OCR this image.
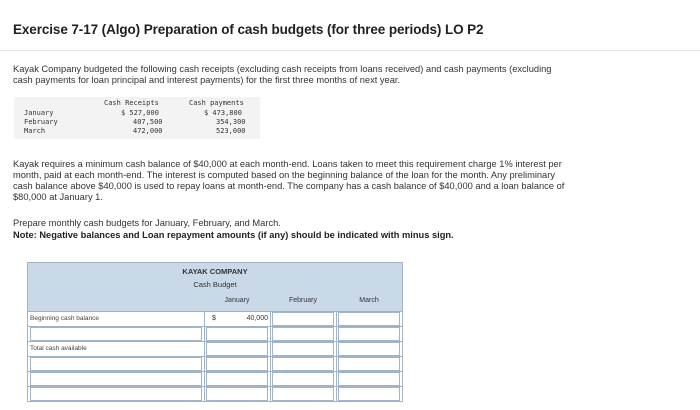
Exercise 7-17 (Algo) Preparation of cash budgets (for three periods) LO P2
Kayak Company budgeted the following cash receipts (excluding cash receipts from loans received) and cash payments (excluding
cash payments for loan principal and interest payments) for the first three months of next year.
Cash Receipts	Cash payments
January	$ 527,000	$ 473,800
February	407,500	354,300
March	472,000	523,000
Kayak requires a minimum cash balance of $40,000 at each month-end. Loans taken to meet this requirement charge 1% interest per
month, paid at each month-end. The interest is computed based on the beginning balance of the loan for the month. Any preliminary
cash balance above $40,000 is used to repay loans at month-end. The company has a cash balance of $40,000 and a loan balance of
$80,000 at January 1.
Prepare monthly cash budgets for January, February, and March.
Note: Negative balances and Loan repayment amounts (if any) should be indicated with minus sign.
KAYAK COMPANY
Cash Budget
January	February	March
Beginning cash balance	$	40,000
Total cash available
